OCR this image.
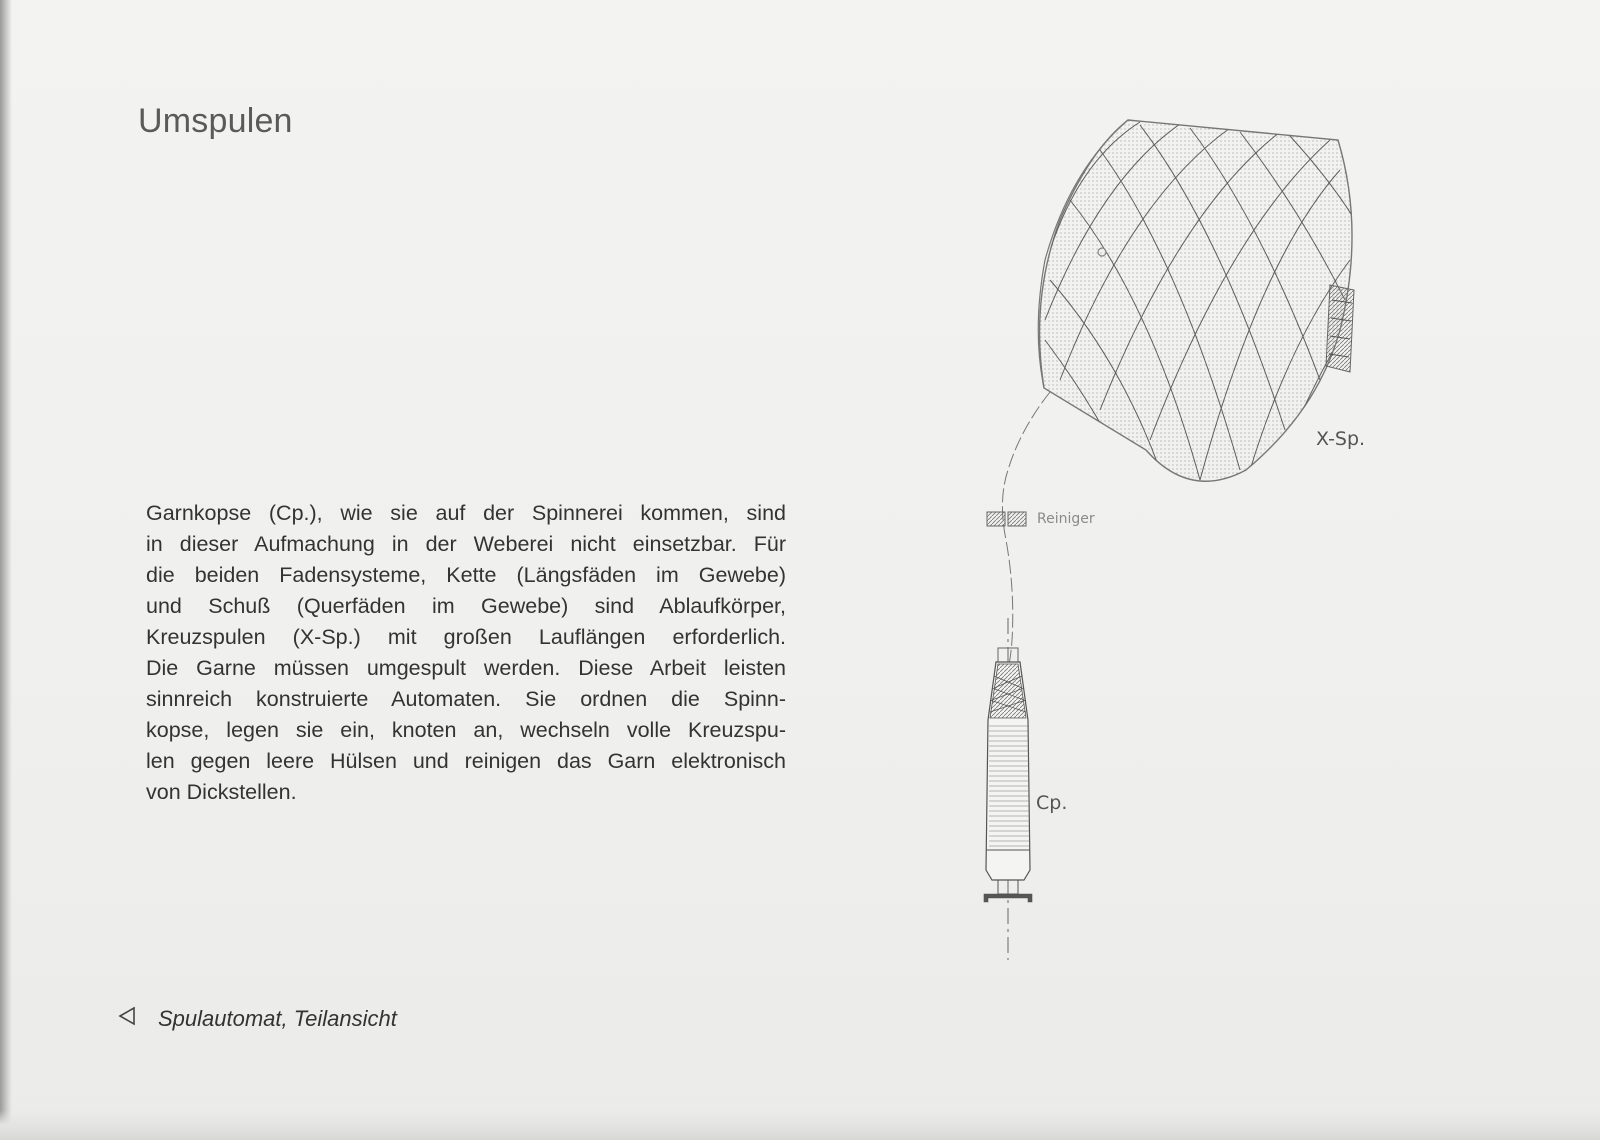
Umspulen
Garnkopse (Cp.), wie sie auf der Spinnerei kommen, sind
in dieser Aufmachung in der Weberei nicht einsetzbar. Für
die beiden Fadensysteme, Kette (Längsfäden im Gewebe)
und Schuß (Querfäden im Gewebe) sind Ablaufkörper,
Kreuzspulen (X-Sp.) mit großen Lauflängen erforderlich.
Die Garne müssen umgespult werden. Diese Arbeit leisten
sinnreich konstruierte Automaten. Sie ordnen die Spinn-
kopse, legen sie ein, knoten an, wechseln volle Kreuzspu-
len gegen leere Hülsen und reinigen das Garn elektronisch
von Dickstellen.
Spulautomat, Teilansicht
X-Sp.
Reiniger
Cp.
